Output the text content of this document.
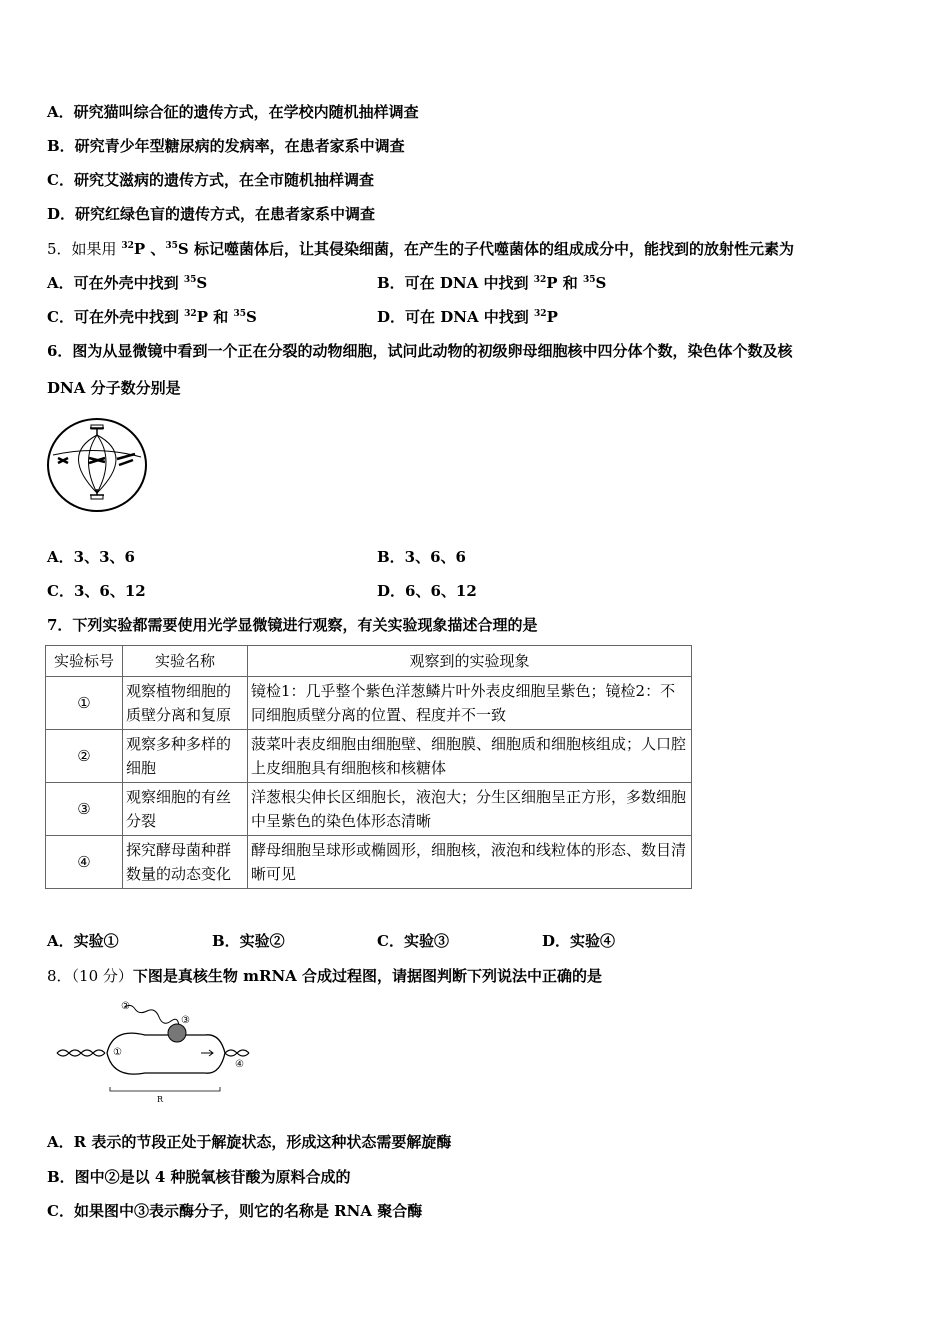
A．研究猫叫综合征的遗传方式，在学校内随机抽样调查
B．研究青少年型糖尿病的发病率，在患者家系中调查
C．研究艾滋病的遗传方式，在全市随机抽样调查
D．研究红绿色盲的遗传方式，在患者家系中调查
5．如果用 $^{32}$P 、$^{35}$S 标记噬菌体后，让其侵染细菌，在产生的子代噬菌体的组成成分中，能找到的放射性元素为
A．可在外壳中找到 $^{35}$S	B．可在 DNA 中找到 $^{32}$P 和 $^{35}$S
C．可在外壳中找到 $^{32}$P 和 $^{35}$S	D．可在 DNA 中找到 $^{32}$P
6．图为从显微镜中看到一个正在分裂的动物细胞，试问此动物的初级卵母细胞核中四分体个数，染色体个数及核
DNA 分子数分别是
A．3、3、6	B．3、6、6
C．3、6、12	D．6、6、12
7．下列实验都需要使用光学显微镜进行观察，有关实验现象描述合理的是
实验标号	实验名称	观察到的实验现象
①	观察植物细胞的质壁分离和复原	镜检1：几乎整个紫色洋葱鳞片叶外表皮细胞呈紫色；镜检2：不同细胞质壁分离的位置、程度并不一致
②	观察多种多样的细胞	菠菜叶表皮细胞由细胞壁、细胞膜、细胞质和细胞核组成；人口腔上皮细胞具有细胞核和核糖体
③	观察细胞的有丝分裂	洋葱根尖伸长区细胞长，液泡大；分生区细胞呈正方形，多数细胞中呈紫色的染色体形态清晰
④	探究酵母菌种群数量的动态变化	酵母细胞呈球形或椭圆形，细胞核，液泡和线粒体的形态、数目清晰可见
A．实验①	B．实验②	C．实验③	D．实验④
8．（10 分）下图是真核生物 mRNA 合成过程图，请据图判断下列说法中正确的是
①
②
③
④
R
A．R 表示的节段正处于解旋状态，形成这种状态需要解旋酶
B．图中②是以 4 种脱氧核苷酸为原料合成的
C．如果图中③表示酶分子，则它的名称是 RNA 聚合酶
